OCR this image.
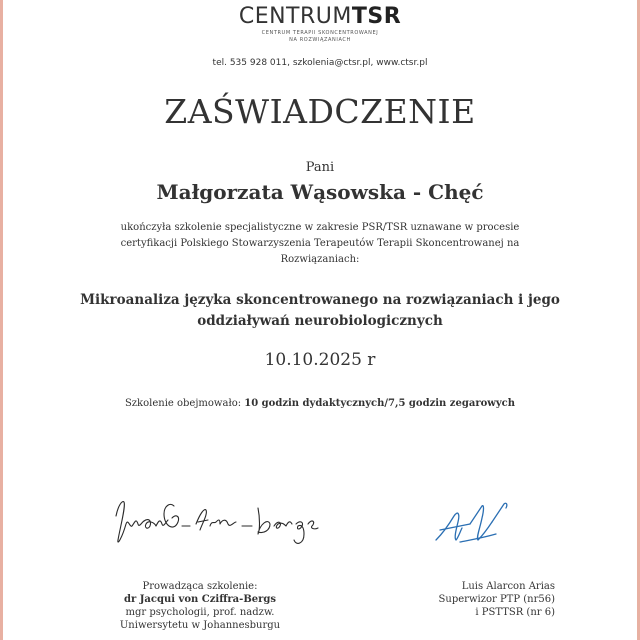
CENTRUMTSR
CENTRUM TERAPII SKONCENTROWANEJ
NA ROZWIĄZANIACH
tel. 535 928 011, szkolenia@ctsr.pl, www.ctsr.pl
ZAŚWIADCZENIE
Pani
Małgorzata Wąsowska - Chęć
ukończyła szkolenie specjalistyczne w zakresie PSR/TSR uznawane w procesie
certyfikacji Polskiego Stowarzyszenia Terapeutów Terapii Skoncentrowanej na
Rozwiązaniach:
Mikroanaliza języka skoncentrowanego na rozwiązaniach i jego
oddziaływań neurobiologicznych
10.10.2025 r
Szkolenie obejmowało: 10 godzin dydaktycznych/7,5 godzin zegarowych
Jvon Cziffra-Bergs	LA
Prowadząca szkolenie:
dr Jacqui von Cziffra-Bergs
mgr psychologii, prof. nadzw.
Uniwersytetu w Johannesburgu
Luis Alarcon Arias
Superwizor PTP (nr56)
i PSTTSR (nr 6)
